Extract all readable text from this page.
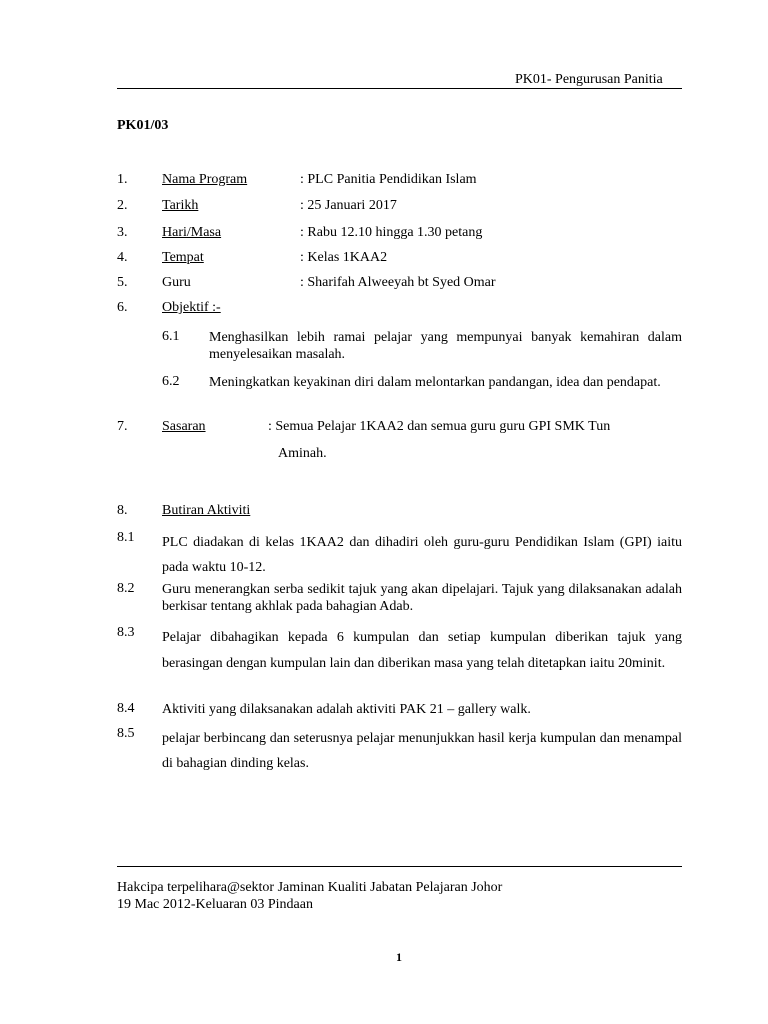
PK01- Pengurusan Panitia
PK01/03
1. Nama Program	: PLC Panitia Pendidikan Islam
2. Tarikh	: 25 Januari 2017
3. Hari/Masa	: Rabu 12.10 hingga 1.30 petang
4. Tempat	: Kelas 1KAA2
5. Guru	: Sharifah Alweeyah bt Syed Omar
6. Objektif :-
6.1 Menghasilkan lebih ramai pelajar yang mempunyai banyak kemahiran dalam menyelesaikan masalah.
6.2 Meningkatkan keyakinan diri dalam melontarkan pandangan, idea dan pendapat.
7. Sasaran	: Semua Pelajar 1KAA2 dan semua guru guru GPI SMK Tun
Aminah.
8. Butiran Aktiviti
8.1 PLC diadakan di kelas 1KAA2 dan dihadiri oleh guru-guru Pendidikan Islam (GPI) iaitu pada waktu 10-12.
8.2 Guru menerangkan serba sedikit tajuk yang akan dipelajari. Tajuk yang dilaksanakan adalah berkisar tentang akhlak pada bahagian Adab.
8.3 Pelajar dibahagikan kepada 6 kumpulan dan setiap kumpulan diberikan tajuk yang berasingan dengan kumpulan lain dan diberikan masa yang telah ditetapkan iaitu 20minit.
8.4 Aktiviti yang dilaksanakan adalah aktiviti PAK 21 – gallery walk.
8.5 pelajar berbincang dan seterusnya pelajar menunjukkan hasil kerja kumpulan dan menampal di bahagian dinding kelas.
Hakcipa terpelihara@sektor Jaminan Kualiti Jabatan Pelajaran Johor
19 Mac 2012-Keluaran 03 Pindaan
1
